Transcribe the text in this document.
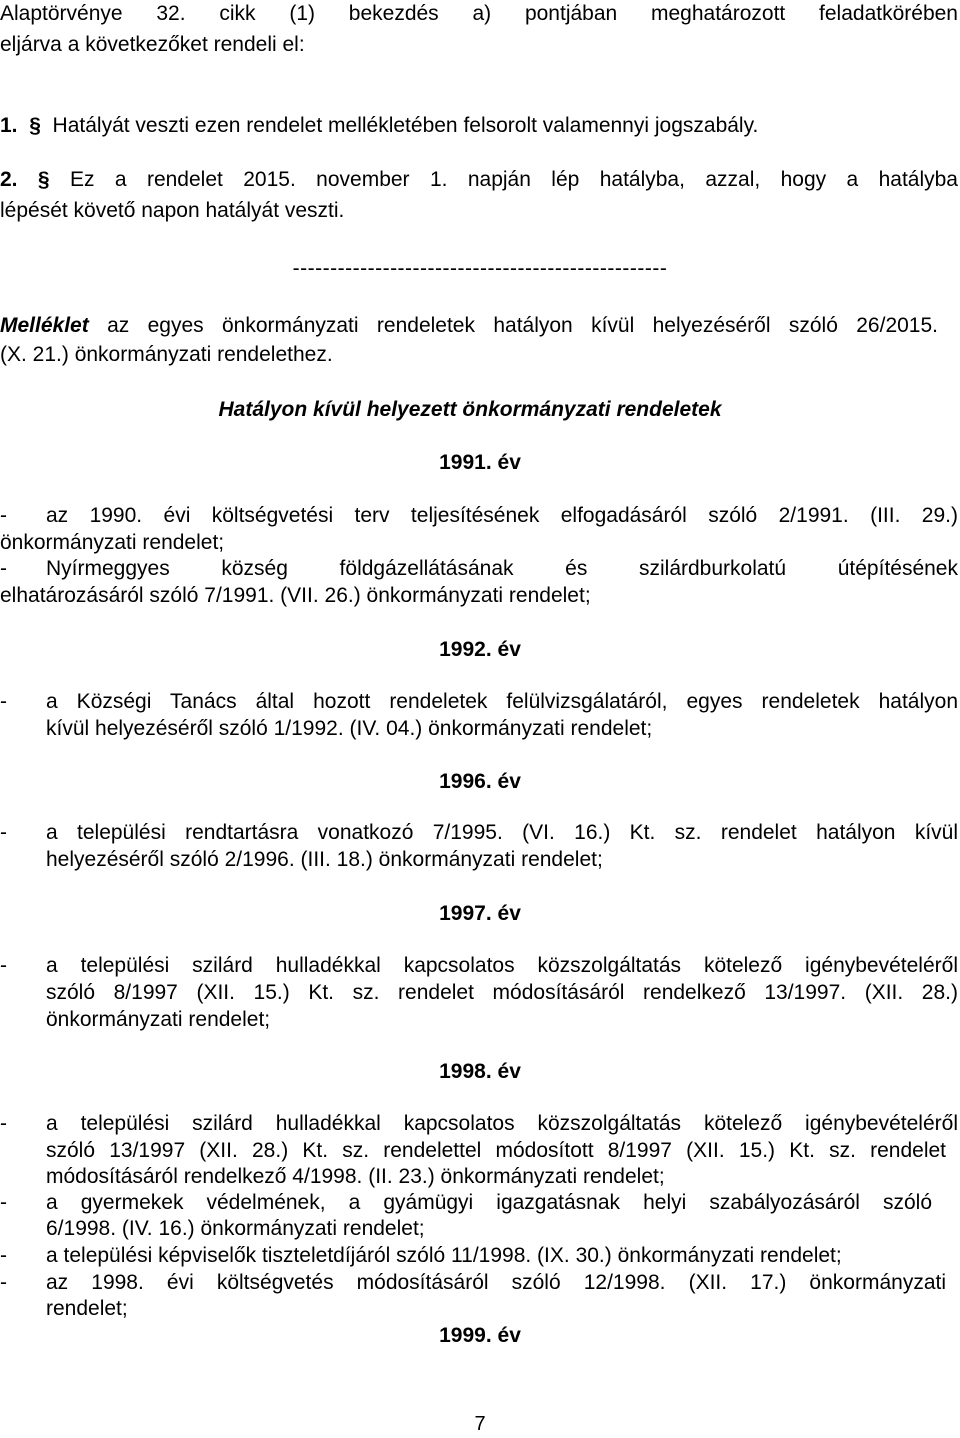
Alaptörvénye 32. cikk (1) bekezdés a) pontjában meghatározott feladatkörében
eljárva a következőket rendeli el:
1. § Hatályát veszti ezen rendelet mellékletében felsorolt valamennyi jogszabály.
2. § Ez a rendelet 2015. november 1. napján lép hatályba, azzal, hogy a hatályba
lépését követő napon hatályát veszti.
--------------------------------------------------
Melléklet az egyes önkormányzati rendeletek hatályon kívül helyezéséről szóló 26/2015.
(X. 21.) önkormányzati rendelethez.
Hatályon kívül helyezett önkormányzati rendeletek
1991. év
- az 1990. évi költségvetési terv teljesítésének elfogadásáról szóló 2/1991. (III. 29.)
önkormányzati rendelet;
- Nyírmeggyes község földgázellátásának és szilárdburkolatú útépítésének
elhatározásáról szóló 7/1991. (VII. 26.) önkormányzati rendelet;
1992. év
- a Községi Tanács által hozott rendeletek felülvizsgálatáról, egyes rendeletek hatályon
kívül helyezéséről szóló 1/1992. (IV. 04.) önkormányzati rendelet;
1996. év
- a települési rendtartásra vonatkozó 7/1995. (VI. 16.) Kt. sz. rendelet hatályon kívül
helyezéséről szóló 2/1996. (III. 18.) önkormányzati rendelet;
1997. év
- a települési szilárd hulladékkal kapcsolatos közszolgáltatás kötelező igénybevételéről
szóló 8/1997 (XII. 15.) Kt. sz. rendelet módosításáról rendelkező 13/1997. (XII. 28.)
önkormányzati rendelet;
1998. év
- a települési szilárd hulladékkal kapcsolatos közszolgáltatás kötelező igénybevételéről
szóló 13/1997 (XII. 28.) Kt. sz. rendelettel módosított 8/1997 (XII. 15.) Kt. sz. rendelet
módosításáról rendelkező 4/1998. (II. 23.) önkormányzati rendelet;
- a gyermekek védelmének, a gyámügyi igazgatásnak helyi szabályozásáról szóló
6/1998. (IV. 16.) önkormányzati rendelet;
- a települési képviselők tiszteletdíjáról szóló 11/1998. (IX. 30.) önkormányzati rendelet;
- az 1998. évi költségvetés módosításáról szóló 12/1998. (XII. 17.) önkormányzati
rendelet;
1999. év
7
